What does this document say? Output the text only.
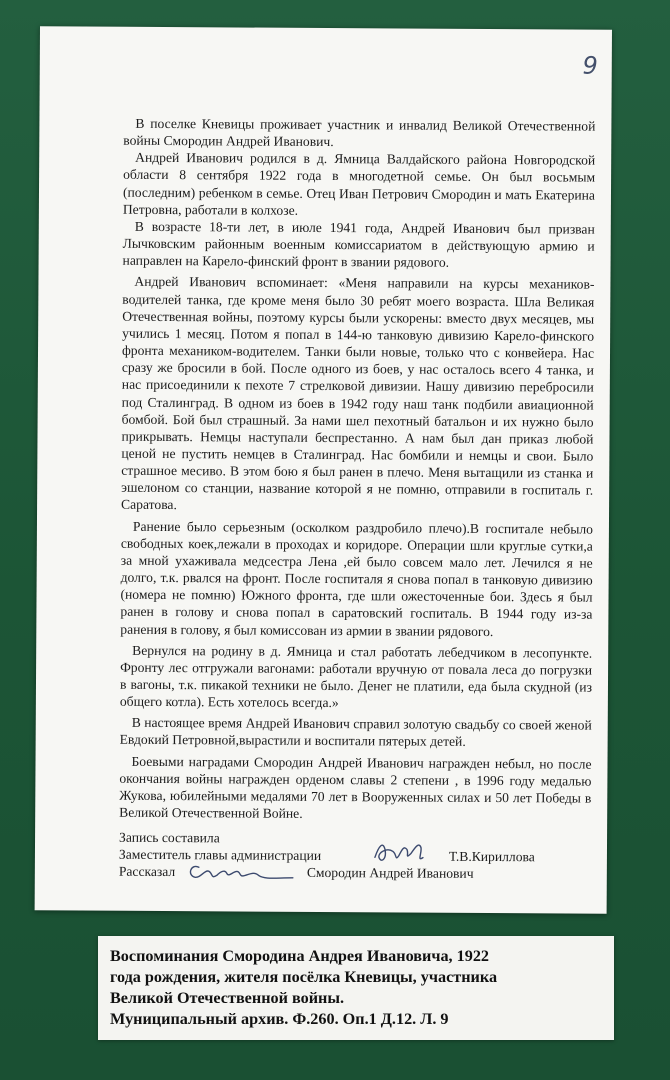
9

В поселке Кневицы проживает участник и инвалид Великой Отечественной войны Смородин Андрей Иванович.

Андрей Иванович родился в д. Ямница Валдайского района Новгородской области 8 сентября 1922 года в многодетной семье. Он был восьмым (последним) ребенком в семье. Отец Иван Петрович Смородин и мать Екатерина Петровна, работали в колхозе.

В возрасте 18-ти лет, в июле 1941 года, Андрей Иванович был призван Лычковским районным военным комиссариатом в действующую армию и направлен на Карело-финский фронт в звании рядового.

Андрей Иванович вспоминает: «Меня направили на курсы механиков-водителей танка, где кроме меня было 30 ребят моего возраста. Шла Великая Отечественная войны, поэтому курсы были ускорены: вместо двух месяцев, мы учились 1 месяц. Потом я попал в 144-ю танковую дивизию Карело-финского фронта механиком-водителем. Танки были новые, только что с конвейера. Нас сразу же бросили в бой. После одного из боев, у нас осталось всего 4 танка, и нас присоединили к пехоте 7 стрелковой дивизии. Нашу дивизию перебросили под Сталинград. В одном из боев в 1942 году наш танк подбили авиационной бомбой. Бой был страшный. За нами шел пехотный батальон и их нужно было прикрывать. Немцы наступали беспрестанно. А нам был дан приказ любой ценой не пустить немцев в Сталинград. Нас бомбили и немцы и свои. Было страшное месиво. В этом бою я был ранен в плечо. Меня вытащили из станка и эшелоном со станции, название которой я не помню, отправили в госпиталь г. Саратова.

Ранение было серьезным (осколком раздробило плечо).В госпитале небыло свободных коек,лежали в проходах и коридоре. Операции шли круглые сутки,а за мной ухаживала медсестра Лена ,ей было совсем мало лет. Лечился я не долго, т.к. рвался на фронт. После госпиталя я снова попал в танковую дивизию (номера не помню) Южного фронта, где шли ожесточенные бои. Здесь я был ранен в голову и снова попал в саратовский госпиталь. В 1944 году из-за ранения в голову, я был комиссован из армии в звании рядового.

Вернулся на родину в д. Ямница и стал работать лебедчиком в лесопункте. Фронту лес отгружали вагонами: работали вручную от повала леса до погрузки в вагоны, т.к. пикакой техники не было. Денег не платили, еда была скудной (из общего котла). Есть хотелось всегда.»

В настоящее время Андрей Иванович справил золотую свадьбу со своей женой Евдокий Петровной,вырастили и воспитали пятерых детей.

Боевыми наградами Смородин Андрей Иванович награжден небыл, но после окончания войны награжден орденом славы 2 степени , в 1996 году медалью Жукова, юбилейными медалями 70 лет в Вооруженных силах и 50 лет Победы в Великой Отечественной Войне.

Запись составила
Заместитель главы администрации	Т.В.Кириллова
Рассказал	Смородин Андрей Иванович
Воспоминания Смородина Андрея Ивановича, 1922
года рождения, жителя посёлка Кневицы, участника
Великой Отечественной войны.
Муниципальный архив. Ф.260. Оп.1 Д.12. Л. 9
